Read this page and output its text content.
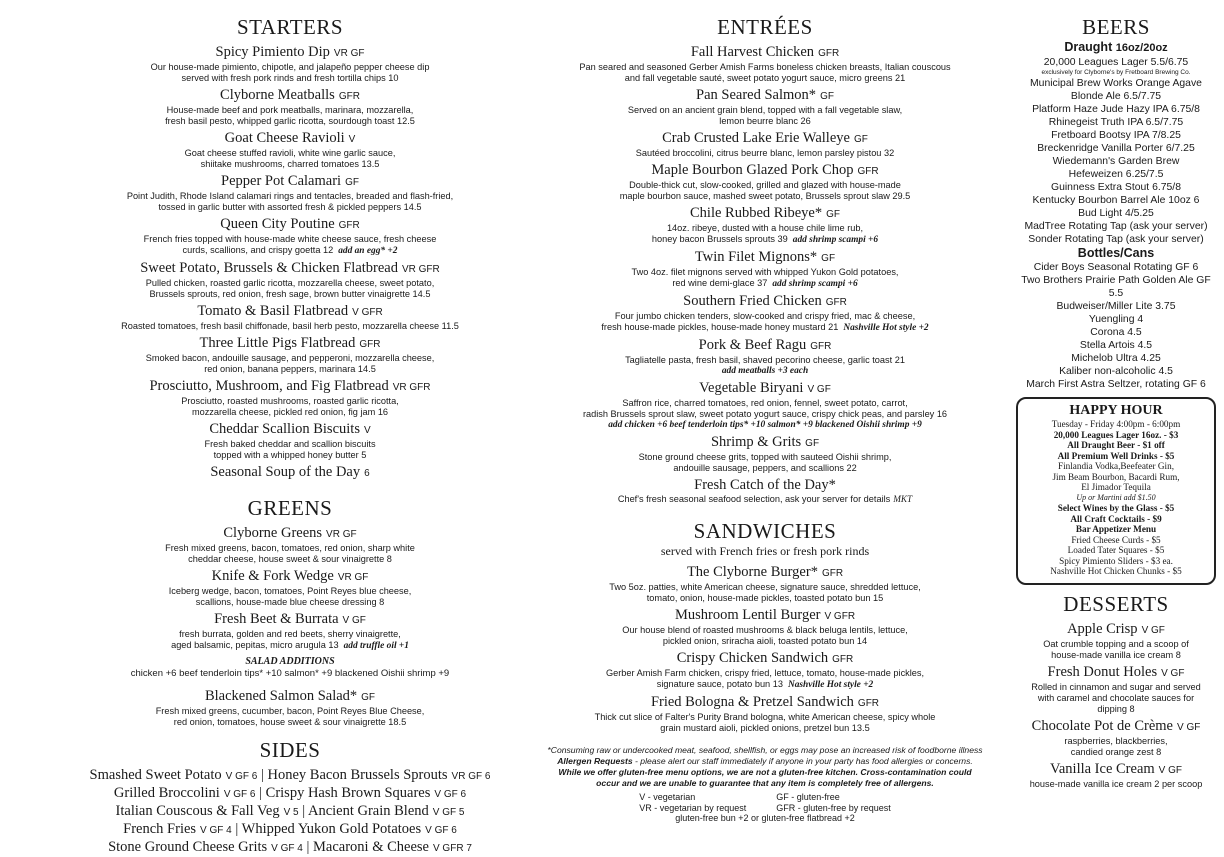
STARTERS
Spicy Pimiento Dip VR GF
Our house-made pimiento, chipotle, and jalapeño pepper cheese dip
served with fresh pork rinds and fresh tortilla chips 10
Clyborne Meatballs GFR
House-made beef and pork meatballs, marinara, mozzarella,
fresh basil pesto, whipped garlic ricotta, sourdough toast 12.5
Goat Cheese Ravioli V
Goat cheese stuffed ravioli, white wine garlic sauce,
shiitake mushrooms, charred tomatoes 13.5
Pepper Pot Calamari GF
Point Judith, Rhode Island calamari rings and tentacles, breaded and flash-fried,
tossed in garlic butter with assorted fresh & pickled peppers 14.5
Queen City Poutine GFR
French fries topped with house-made white cheese sauce, fresh cheese
curds, scallions, and crispy goetta 12 add an egg* +2
Sweet Potato, Brussels & Chicken Flatbread VR GFR
Pulled chicken, roasted garlic ricotta, mozzarella cheese, sweet potato,
Brussels sprouts, red onion, fresh sage, brown butter vinaigrette 14.5
Tomato & Basil Flatbread V GFR
Roasted tomatoes, fresh basil chiffonade, basil herb pesto, mozzarella cheese 11.5
Three Little Pigs Flatbread GFR
Smoked bacon, andouille sausage, and pepperoni, mozzarella cheese,
red onion, banana peppers, marinara 14.5
Prosciutto, Mushroom, and Fig Flatbread VR GFR
Prosciutto, roasted mushrooms, roasted garlic ricotta,
mozzarella cheese, pickled red onion, fig jam 16
Cheddar Scallion Biscuits V
Fresh baked cheddar and scallion biscuits
topped with a whipped honey butter 5
Seasonal Soup of the Day 6
GREENS
Clyborne Greens VR GF
Fresh mixed greens, bacon, tomatoes, red onion, sharp white
cheddar cheese, house sweet & sour vinaigrette 8
Knife & Fork Wedge VR GF
Iceberg wedge, bacon, tomatoes, Point Reyes blue cheese,
scallions, house-made blue cheese dressing 8
Fresh Beet & Burrata V GF
fresh burrata, golden and red beets, sherry vinaigrette,
aged balsamic, pepitas, micro arugula 13 add truffle oil +1
SALAD ADDITIONS
chicken +6 beef tenderloin tips* +10 salmon* +9 blackened Oishii shrimp +9
Blackened Salmon Salad* GF
Fresh mixed greens, cucumber, bacon, Point Reyes Blue Cheese,
red onion, tomatoes, house sweet & sour vinaigrette 18.5
SIDES
Smashed Sweet Potato V GF 6 | Honey Bacon Brussels Sprouts VR GF 6
Grilled Broccolini V GF 6 | Crispy Hash Brown Squares V GF 6
Italian Couscous & Fall Veg V 5 | Ancient Grain Blend V GF 5
French Fries V GF 4 | Whipped Yukon Gold Potatoes V GF 6
Stone Ground Cheese Grits V GF 4 | Macaroni & Cheese V GFR 7
ENTRÉES
Fall Harvest Chicken GFR
Pan seared and seasoned Gerber Amish Farms boneless chicken breasts, Italian couscous
and fall vegetable sauté, sweet potato yogurt sauce, micro greens 21
Pan Seared Salmon* GF
Served on an ancient grain blend, topped with a fall vegetable slaw,
lemon beurre blanc 26
Crab Crusted Lake Erie Walleye GF
Sautéed broccolini, citrus beurre blanc, lemon parsley pistou 32
Maple Bourbon Glazed Pork Chop GFR
Double-thick cut, slow-cooked, grilled and glazed with house-made
maple bourbon sauce, mashed sweet potato, Brussels sprout slaw 29.5
Chile Rubbed Ribeye* GF
14oz. ribeye, dusted with a house chile lime rub,
honey bacon Brussels sprouts 39 add shrimp scampi +6
Twin Filet Mignons* GF
Two 4oz. filet mignons served with whipped Yukon Gold potatoes,
red wine demi-glace 37 add shrimp scampi +6
Southern Fried Chicken GFR
Four jumbo chicken tenders, slow-cooked and crispy fried, mac & cheese,
fresh house-made pickles, house-made honey mustard 21 Nashville Hot style +2
Pork & Beef Ragu GFR
Tagliatelle pasta, fresh basil, shaved pecorino cheese, garlic toast 21
add meatballs +3 each
Vegetable Biryani V GF
Saffron rice, charred tomatoes, red onion, fennel, sweet potato, carrot,
radish Brussels sprout slaw, sweet potato yogurt sauce, crispy chick peas, and parsley 16
add chicken +6 beef tenderloin tips* +10 salmon* +9 blackened Oishii shrimp +9
Shrimp & Grits GF
Stone ground cheese grits, topped with sauteed Oishii shrimp,
andouille sausage, peppers, and scallions 22
Fresh Catch of the Day*
Chef's fresh seasonal seafood selection, ask your server for details MKT
SANDWICHES
served with French fries or fresh pork rinds
The Clyborne Burger* GFR
Two 5oz. patties, white American cheese, signature sauce, shredded lettuce,
tomato, onion, house-made pickles, toasted potato bun 15
Mushroom Lentil Burger V GFR
Our house blend of roasted mushrooms & black beluga lentils, lettuce,
pickled onion, sriracha aioli, toasted potato bun 14
Crispy Chicken Sandwich GFR
Gerber Amish Farm chicken, crispy fried, lettuce, tomato, house-made pickles,
signature sauce, potato bun 13 Nashville Hot style +2
Fried Bologna & Pretzel Sandwich GFR
Thick cut slice of Falter's Purity Brand bologna, white American cheese, spicy whole
grain mustard aioli, pickled onions, pretzel bun 13.5
*Consuming raw or undercooked meat, seafood, shellfish, or eggs may pose an increased risk of foodborne illness
Allergen Requests - please alert our staff immediately if anyone in your party has food allergies or concerns.
While we offer gluten-free menu options, we are not a gluten-free kitchen. Cross-contamination could
occur and we are unable to guarantee that any item is completely free of allergens.
V - vegetarian
VR - vegetarian by request
GF - gluten-free
GFR - gluten-free by request
gluten-free bun +2 or gluten-free flatbread +2
BEERS
Draught 16oz/20oz
20,000 Leagues Lager 5.5/6.75
exclusively for Clyborne's by Fretboard Brewing Co.
Municipal Brew Works Orange Agave
Blonde Ale 6.5/7.75
Platform Haze Jude Hazy IPA 6.75/8
Rhinegeist Truth IPA 6.5/7.75
Fretboard Bootsy IPA 7/8.25
Breckenridge Vanilla Porter 6/7.25
Wiedemann's Garden Brew
Hefeweizen 6.25/7.5
Guinness Extra Stout 6.75/8
Kentucky Bourbon Barrel Ale 10oz 6
Bud Light 4/5.25
MadTree Rotating Tap (ask your server)
Sonder Rotating Tap (ask your server)
Bottles/Cans
Cider Boys Seasonal Rotating GF 6
Two Brothers Prairie Path Golden Ale GF 5.5
Budweiser/Miller Lite 3.75
Yuengling 4
Corona 4.5
Stella Artois 4.5
Michelob Ultra 4.25
Kaliber non-alcoholic 4.5
March First Astra Seltzer, rotating GF 6
HAPPY HOUR
Tuesday - Friday 4:00pm - 6:00pm
20,000 Leagues Lager 16oz. - $3
All Draught Beer - $1 off
All Premium Well Drinks - $5
Finlandia Vodka,Beefeater Gin,
Jim Beam Bourbon, Bacardi Rum,
El Jimador Tequila
Up or Martini add $1.50
Select Wines by the Glass - $5
All Craft Cocktails - $9
Bar Appetizer Menu
Fried Cheese Curds - $5
Loaded Tater Squares - $5
Spicy Pimiento Sliders - $3 ea.
Nashville Hot Chicken Chunks - $5
DESSERTS
Apple Crisp V GF
Oat crumble topping and a scoop of
house-made vanilla ice cream 8
Fresh Donut Holes V GF
Rolled in cinnamon and sugar and served
with caramel and chocolate sauces for
dipping 8
Chocolate Pot de Crème V GF
raspberries, blackberries,
candied orange zest 8
Vanilla Ice Cream V GF
house-made vanilla ice cream 2 per scoop
